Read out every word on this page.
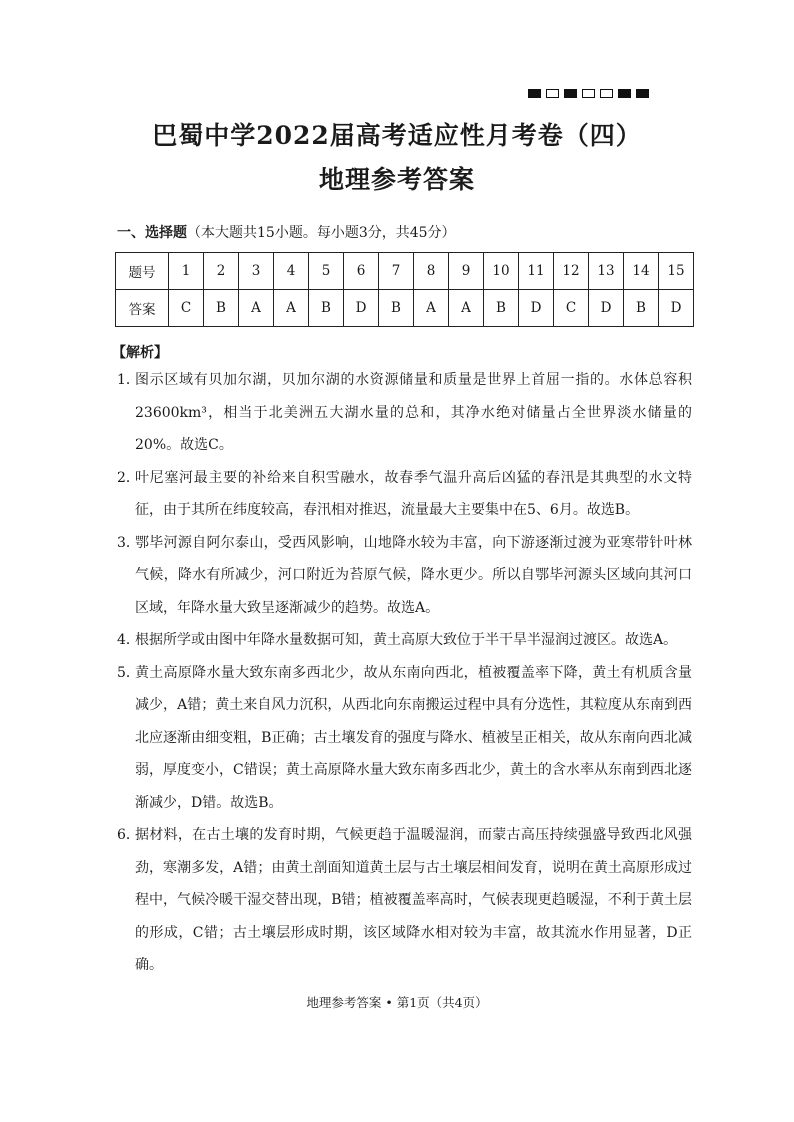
巴蜀中学2022届高考适应性月考卷（四）
地理参考答案
一、选择题（本大题共15小题。每小题3分，共45分）
题号	1	2	3	4	5	6	7	8	9	10	11	12	13	14	15
答案	C	B	A	A	B	D	B	A	A	B	D	C	D	B	D
【解析】
1．
图示区域有贝加尔湖，贝加尔湖的水资源储量和质量是世界上首屈一指的。水体总容积23600km³，相当于北美洲五大湖水量的总和，其净水绝对储量占全世界淡水储量的20%。故选C。
2．
叶尼塞河最主要的补给来自积雪融水，故春季气温升高后凶猛的春汛是其典型的水文特征，由于其所在纬度较高，春汛相对推迟，流量最大主要集中在5、6月。故选B。
3．
鄂毕河源自阿尔泰山，受西风影响，山地降水较为丰富，向下游逐渐过渡为亚寒带针叶林气候，降水有所减少，河口附近为苔原气候，降水更少。所以自鄂毕河源头区域向其河口区域，年降水量大致呈逐渐减少的趋势。故选A。
4．
根据所学或由图中年降水量数据可知，黄土高原大致位于半干旱半湿润过渡区。故选A。
5．
黄土高原降水量大致东南多西北少，故从东南向西北，植被覆盖率下降，黄土有机质含量减少，A错；黄土来自风力沉积，从西北向东南搬运过程中具有分选性，其粒度从东南到西北应逐渐由细变粗，B正确；古土壤发育的强度与降水、植被呈正相关，故从东南向西北减弱，厚度变小，C错误；黄土高原降水量大致东南多西北少，黄土的含水率从东南到西北逐渐减少，D错。故选B。
6．
据材料，在古土壤的发育时期，气候更趋于温暖湿润，而蒙古高压持续强盛导致西北风强劲，寒潮多发，A错；由黄土剖面知道黄土层与古土壤层相间发育，说明在黄土高原形成过程中，气候冷暖干湿交替出现，B错；植被覆盖率高时，气候表现更趋暖湿，不利于黄土层的形成，C错；古土壤层形成时期，该区域降水相对较为丰富，故其流水作用显著，D正确。
地理参考答案 • 第1页（共4页）
